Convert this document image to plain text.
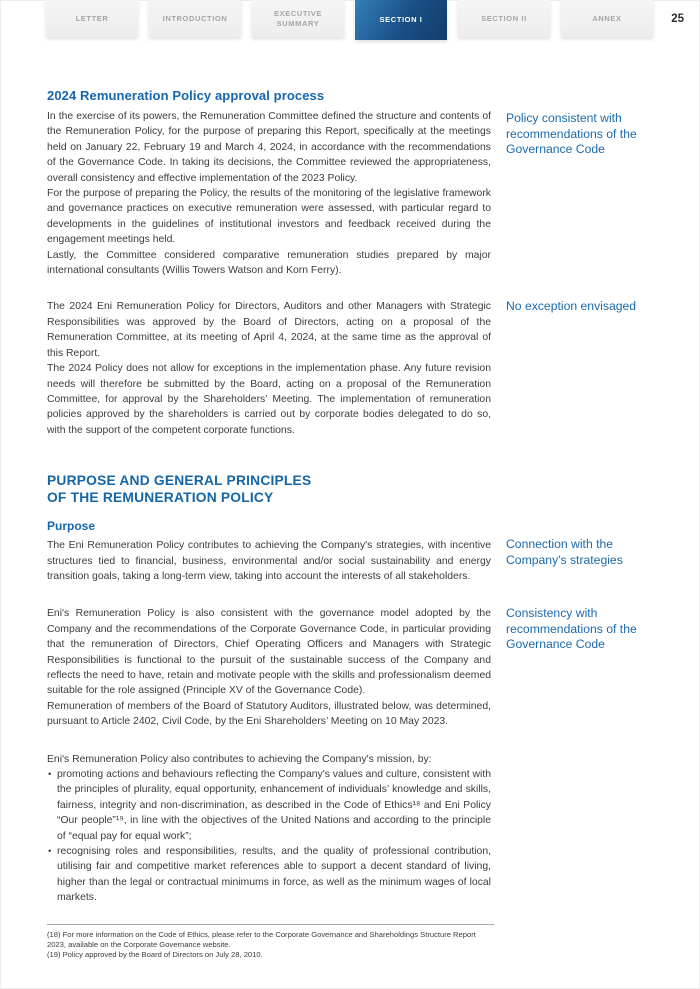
LETTER	INTRODUCTION
EXECUTIVE SUMMARY	SECTION I	SECTION II	ANNEX	25
2024 Remuneration Policy approval process

In the exercise of its powers, the Remuneration Committee defined the structure and contents of the Remuneration Policy, for the purpose of preparing this Report, specifically at the meetings held on January 22, February 19 and March 4, 2024, in accordance with the recommendations of the Governance Code. In taking its decisions, the Committee reviewed the appropriateness, overall consistency and effective implementation of the 2023 Policy.

For the purpose of preparing the Policy, the results of the monitoring of the legislative framework and governance practices on executive remuneration were assessed, with particular regard to developments in the guidelines of institutional investors and feedback received during the engagement meetings held.

Lastly, the Committee considered comparative remuneration studies prepared by major international consultants (Willis Towers Watson and Korn Ferry).

Policy consistent with recommendations of the Governance Code

The 2024 Eni Remuneration Policy for Directors, Auditors and other Managers with Strategic Responsibilities was approved by the Board of Directors, acting on a proposal of the Remuneration Committee, at its meeting of April 4, 2024, at the same time as the approval of this Report.

The 2024 Policy does not allow for exceptions in the implementation phase. Any future revision needs will therefore be submitted by the Board, acting on a proposal of the Remuneration Committee, for approval by the Shareholders’ Meeting. The implementation of remuneration policies approved by the shareholders is carried out by corporate bodies delegated to do so, with the support of the competent corporate functions.

No exception envisaged

PURPOSE AND GENERAL PRINCIPLES
OF THE REMUNERATION POLICY
Purpose

The Eni Remuneration Policy contributes to achieving the Company's strategies, with incentive structures tied to financial, business, environmental and/or social sustainability and energy transition goals, taking a long-term view, taking into account the interests of all stakeholders.

Connection with the Company's strategies

Eni's Remuneration Policy is also consistent with the governance model adopted by the Company and the recommendations of the Corporate Governance Code, in particular providing that the remuneration of Directors, Chief Operating Officers and Managers with Strategic Responsibilities is functional to the pursuit of the sustainable success of the Company and reflects the need to have, retain and motivate people with the skills and professionalism deemed suitable for the role assigned (Principle XV of the Governance Code).

Remuneration of members of the Board of Statutory Auditors, illustrated below, was determined, pursuant to Article 2402, Civil Code, by the Eni Shareholders’ Meeting on 10 May 2023.

Consistency with recommendations of the Governance Code

Eni's Remuneration Policy also contributes to achieving the Company's mission, by:

• promoting actions and behaviours reflecting the Company's values and culture, consistent with the principles of plurality, equal opportunity, enhancement of individuals’ knowledge and skills, fairness, integrity and non-discrimination, as described in the Code of Ethics¹⁸ and Eni Policy “Our people”¹⁹, in line with the objectives of the United Nations and according to the principle of “equal pay for equal work”;
• recognising roles and responsibilities, results, and the quality of professional contribution, utilising fair and competitive market references able to support a decent standard of living, higher than the legal or contractual minimums in force, as well as the minimum wages of local markets.

(18) For more information on the Code of Ethics, please refer to the Corporate Governance and Shareholdings Structure Report 2023, available on the Corporate Governance website.

(19) Policy approved by the Board of Directors on July 28, 2010.
